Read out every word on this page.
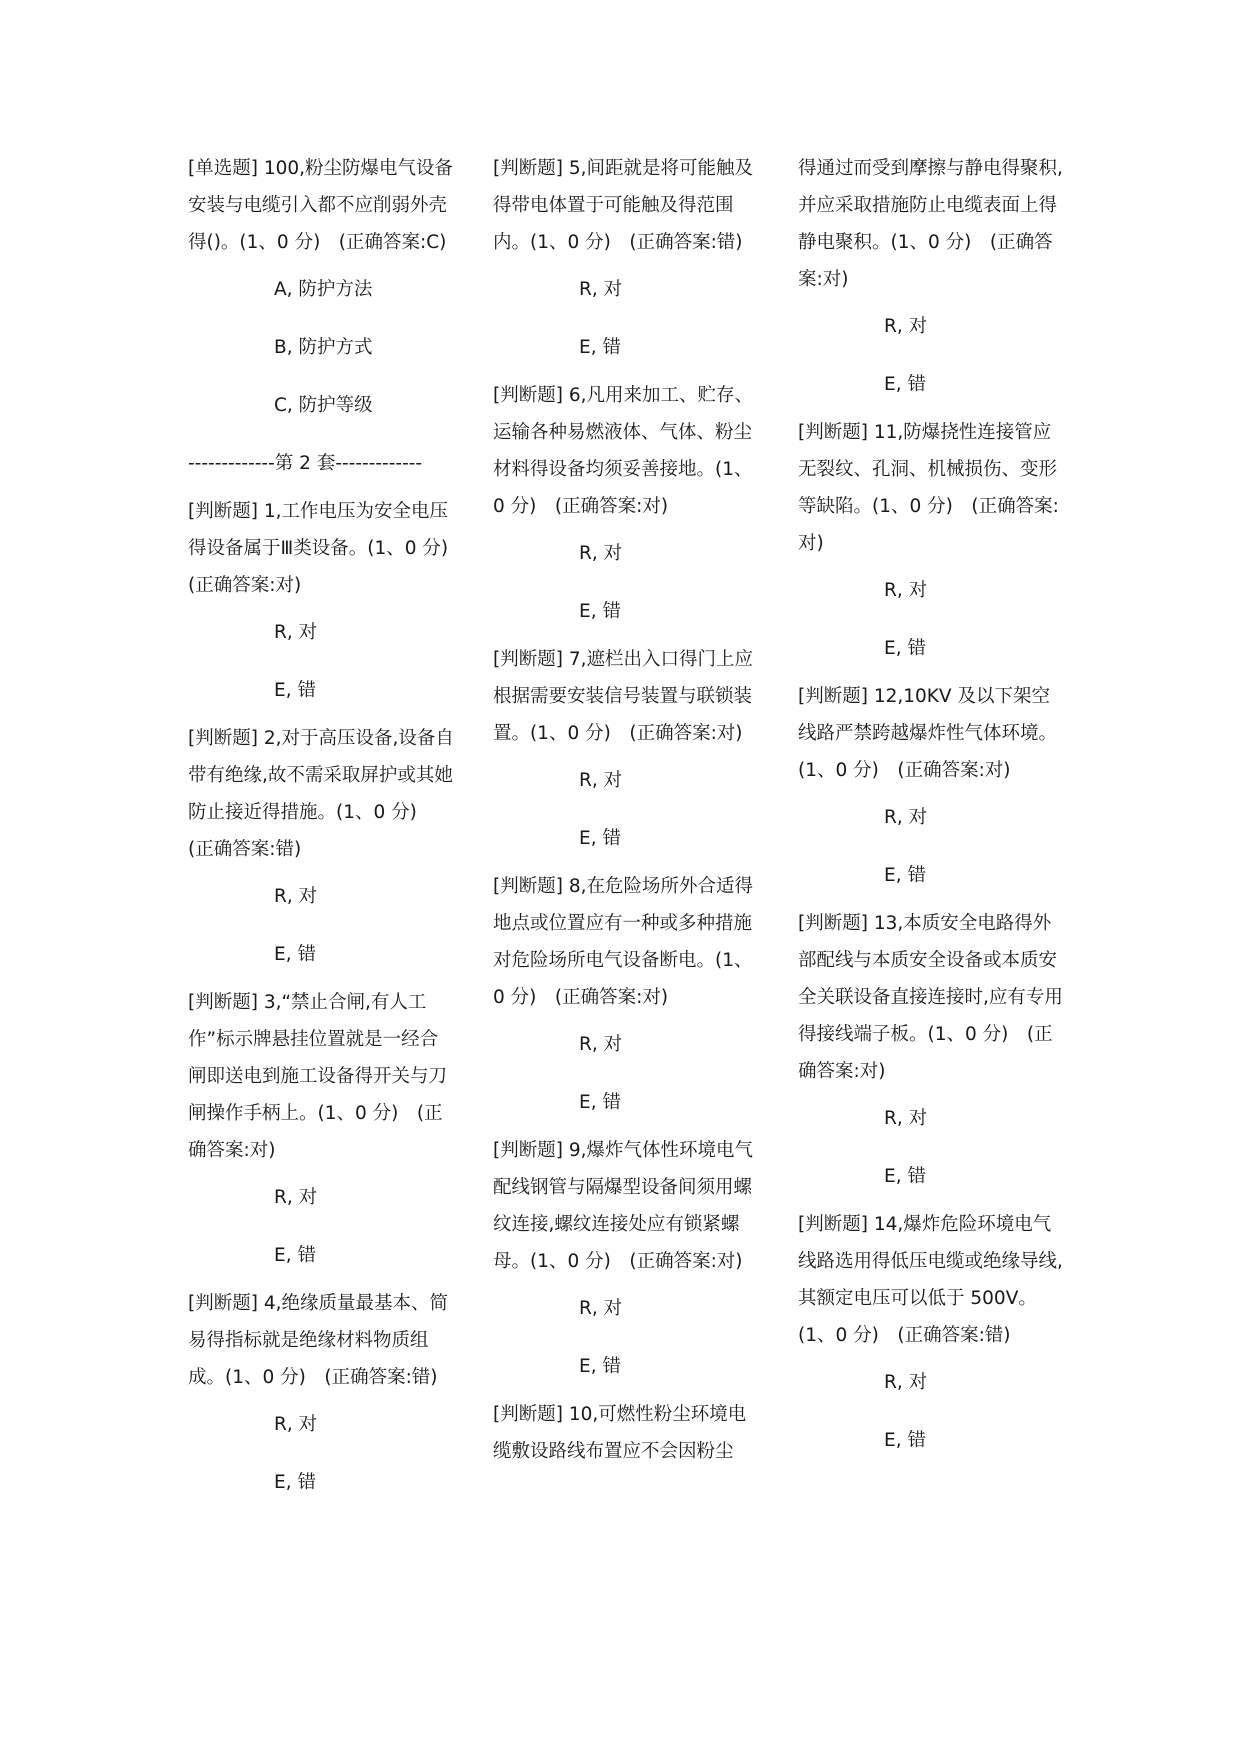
[单选题] 100,粉尘防爆电气设备安装与电缆引入都不应削弱外壳得()。(1、0 分)　(正确答案:C)

A, 防护方法

B, 防护方式

C, 防护等级

-------------第 2 套-------------

[判断题] 1,工作电压为安全电压得设备属于Ⅲ类设备。(1、0 分)　(正确答案:对)

R, 对

E, 错

[判断题] 2,对于高压设备,设备自带有绝缘,故不需采取屏护或其她防止接近得措施。(1、0 分)　(正确答案:错)

R, 对

E, 错

[判断题] 3,“禁止合闸,有人工作”标示牌悬挂位置就是一经合闸即送电到施工设备得开关与刀闸操作手柄上。(1、0 分)　(正确答案:对)

R, 对

E, 错

[判断题] 4,绝缘质量最基本、简易得指标就是绝缘材料物质组成。(1、0 分)　(正确答案:错)

R, 对

E, 错

[判断题] 5,间距就是将可能触及得带电体置于可能触及得范围内。(1、0 分)　(正确答案:错)

R, 对

E, 错

[判断题] 6,凡用来加工、贮存、运输各种易燃液体、气体、粉尘材料得设备均须妥善接地。(1、0 分)　(正确答案:对)

R, 对

E, 错

[判断题] 7,遮栏出入口得门上应根据需要安装信号装置与联锁装置。(1、0 分)　(正确答案:对)

R, 对

E, 错

[判断题] 8,在危险场所外合适得地点或位置应有一种或多种措施对危险场所电气设备断电。(1、0 分)　(正确答案:对)

R, 对

E, 错

[判断题] 9,爆炸气体性环境电气配线钢管与隔爆型设备间须用螺纹连接,螺纹连接处应有锁紧螺母。(1、0 分)　(正确答案:对)

R, 对

E, 错

[判断题] 10,可燃性粉尘环境电缆敷设路线布置应不会因粉尘

得通过而受到摩擦与静电得聚积,并应采取措施防止电缆表面上得静电聚积。(1、0 分)　(正确答案:对)

R, 对

E, 错

[判断题] 11,防爆挠性连接管应无裂纹、孔洞、机械损伤、变形等缺陷。(1、0 分)　(正确答案:对)

R, 对

E, 错

[判断题] 12,10KV 及以下架空线路严禁跨越爆炸性气体环境。(1、0 分)　(正确答案:对)

R, 对

E, 错

[判断题] 13,本质安全电路得外部配线与本质安全设备或本质安全关联设备直接连接时,应有专用得接线端子板。(1、0 分)　(正确答案:对)

R, 对

E, 错

[判断题] 14,爆炸危险环境电气线路选用得低压电缆或绝缘导线,其额定电压可以低于 500V。(1、0 分)　(正确答案:错)

R, 对

E, 错
